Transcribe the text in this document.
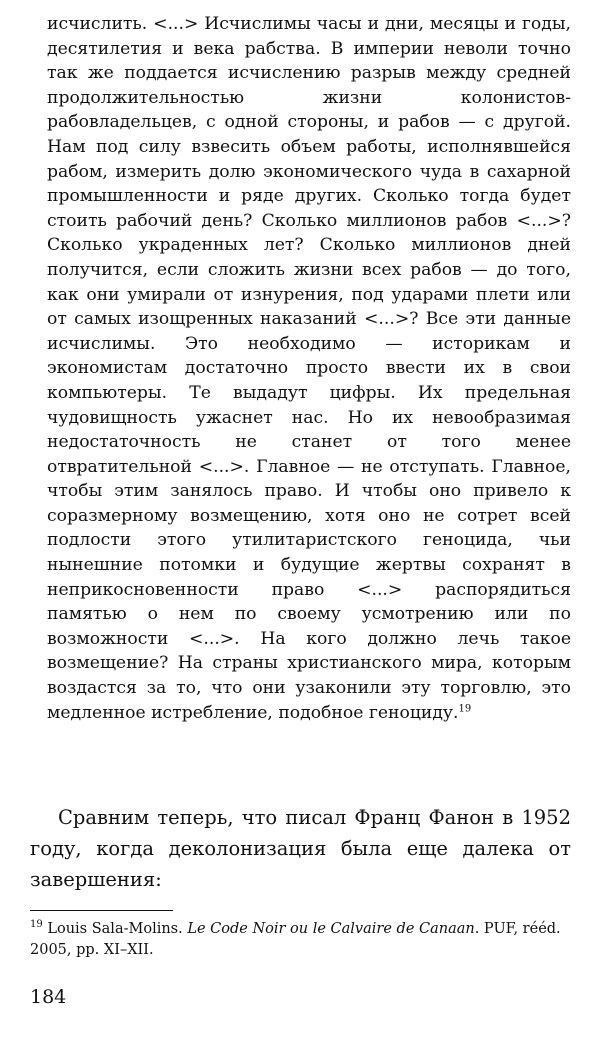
исчислить. <...> Исчислимы часы и дни, месяцы и годы, десятилетия и века рабства. В империи неволи точно так же поддается исчислению разрыв между средней продолжительностью жизни колонистов-рабовладельцев, с одной стороны, и рабов — с другой. Нам под силу взвесить объем работы, исполнявшейся рабом, измерить долю экономического чуда в сахарной промышленности и ряде других. Сколько тогда будет стоить рабочий день? Сколько миллионов рабов <...>? Сколько украденных лет? Сколько миллионов дней получится, если сложить жизни всех рабов — до того, как они умирали от изнурения, под ударами плети или от самых изощренных наказаний <...>? Все эти данные исчислимы. Это необходимо — историкам и экономистам достаточно просто ввести их в свои компьютеры. Те выдадут цифры. Их предельная чудовищность ужаснет нас. Но их невообразимая недостаточность не станет от того менее отвратительной <...>. Главное — не отступать. Главное, чтобы этим занялось право. И чтобы оно привело к соразмерному возмещению, хотя оно не сотрет всей подлости этого утилитаристского геноцида, чьи нынешние потомки и будущие жертвы сохранят в неприкосновенности право <...> распорядиться памятью о нем по своему усмотрению или по возможности <...>. На кого должно лечь такое возмещение? На страны христианского мира, которым воздастся за то, что они узаконили эту торговлю, это медленное истребление, подобное геноциду.$^{19}$

Сравним теперь, что писал Франц Фанон в 1952 году, когда деколонизация была еще далека от завершения:

$^{19}$ Louis Sala-Molins. Le Code Noir ou le Calvaire de Canaan. PUF, rééd. 2005, pp. XI–XII.

184
